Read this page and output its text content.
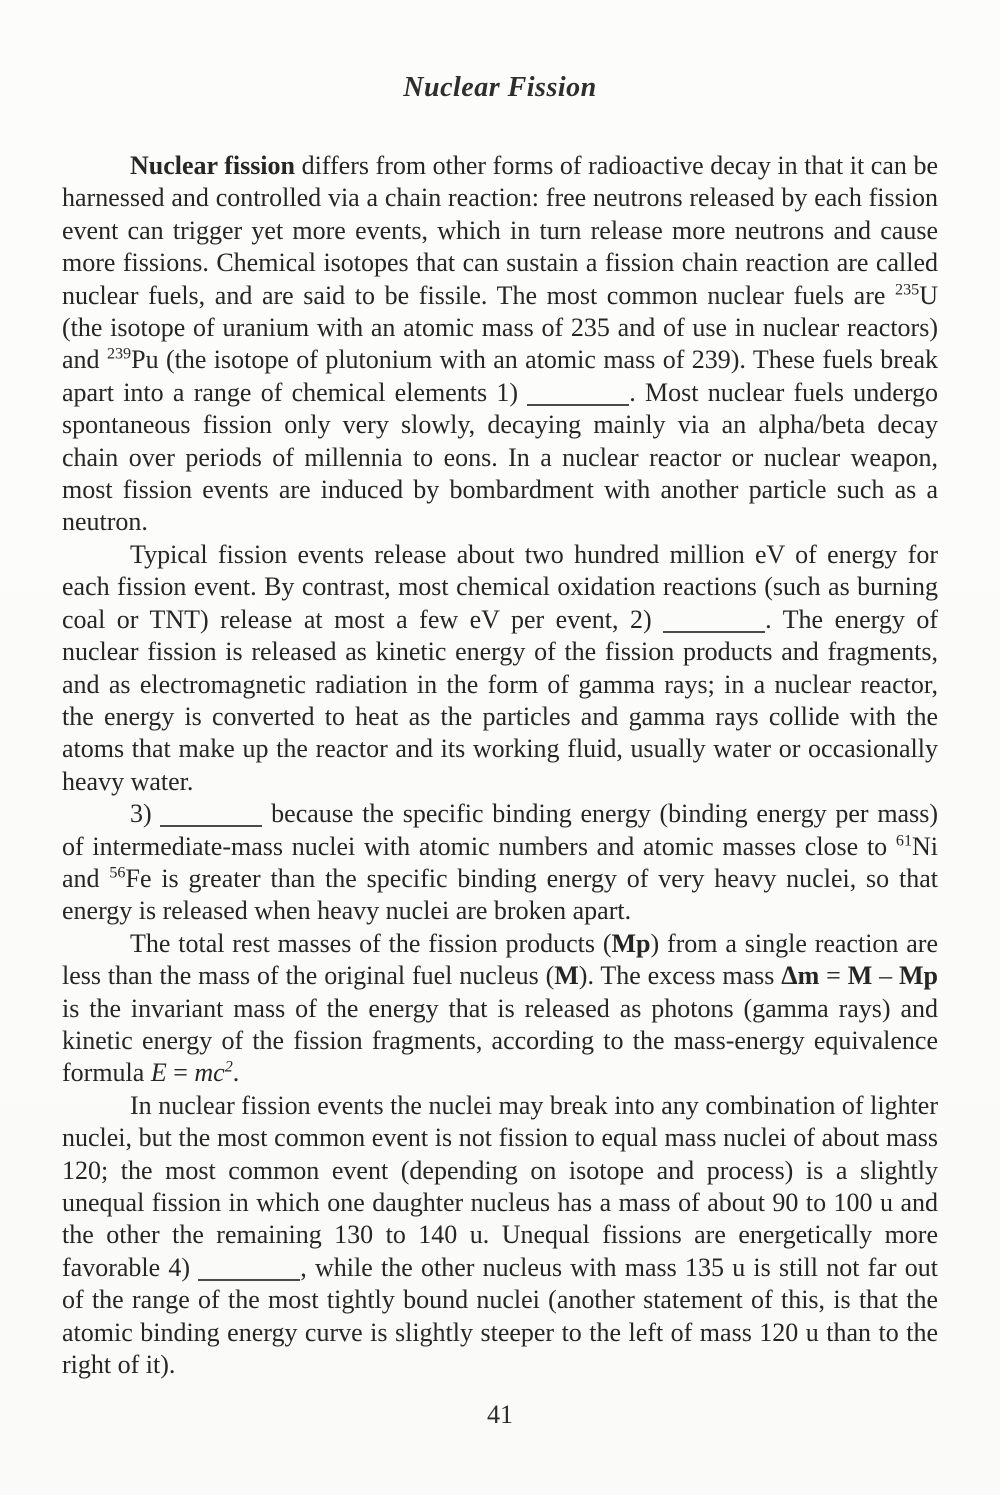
Nuclear Fission

Nuclear fission differs from other forms of radioactive decay in that it can be harnessed and controlled via a chain reaction: free neutrons released by each fission event can trigger yet more events, which in turn release more neutrons and cause more fissions. Chemical isotopes that can sustain a fission chain reaction are called nuclear fuels, and are said to be fissile. The most common nuclear fuels are $^{235}$U (the isotope of uranium with an atomic mass of 235 and of use in nuclear reactors) and $^{239}$Pu (the isotope of plutonium with an atomic mass of 239). These fuels break apart into a range of chemical elements 1)	. Most nuclear fuels undergo spontaneous fission only very slowly, decaying mainly via an alpha/beta decay chain over periods of millennia to eons. In a nuclear reactor or nuclear weapon, most fission events are induced by bombardment with another particle such as a neutron.

Typical fission events release about two hundred million eV of energy for each fission event. By contrast, most chemical oxidation reactions (such as burning coal or TNT) release at most a few eV per event, 2)	. The energy of nuclear fission is released as kinetic energy of the fission products and fragments, and as electromagnetic radiation in the form of gamma rays; in a nuclear reactor, the energy is converted to heat as the particles and gamma rays collide with the atoms that make up the reactor and its working fluid, usually water or occasionally heavy water.

3)	because the specific binding energy (binding energy per mass) of intermediate-mass nuclei with atomic numbers and atomic masses close to $^{61}$Ni and $^{56}$Fe is greater than the specific binding energy of very heavy nuclei, so that energy is released when heavy nuclei are broken apart.

The total rest masses of the fission products (Mp) from a single reaction are less than the mass of the original fuel nucleus (M). The excess mass Δm = M – Mp is the invariant mass of the energy that is released as photons (gamma rays) and kinetic energy of the fission fragments, according to the mass-energy equivalence formula $E = mc^2$.

In nuclear fission events the nuclei may break into any combination of lighter nuclei, but the most common event is not fission to equal mass nuclei of about mass 120; the most common event (depending on isotope and process) is a slightly unequal fission in which one daughter nucleus has a mass of about 90 to 100 u and the other the remaining 130 to 140 u. Unequal fissions are energetically more favorable 4)	, while the other nucleus with mass 135 u is still not far out of the range of the most tightly bound nuclei (another statement of this, is that the atomic binding energy curve is slightly steeper to the left of mass 120 u than to the right of it).

41
